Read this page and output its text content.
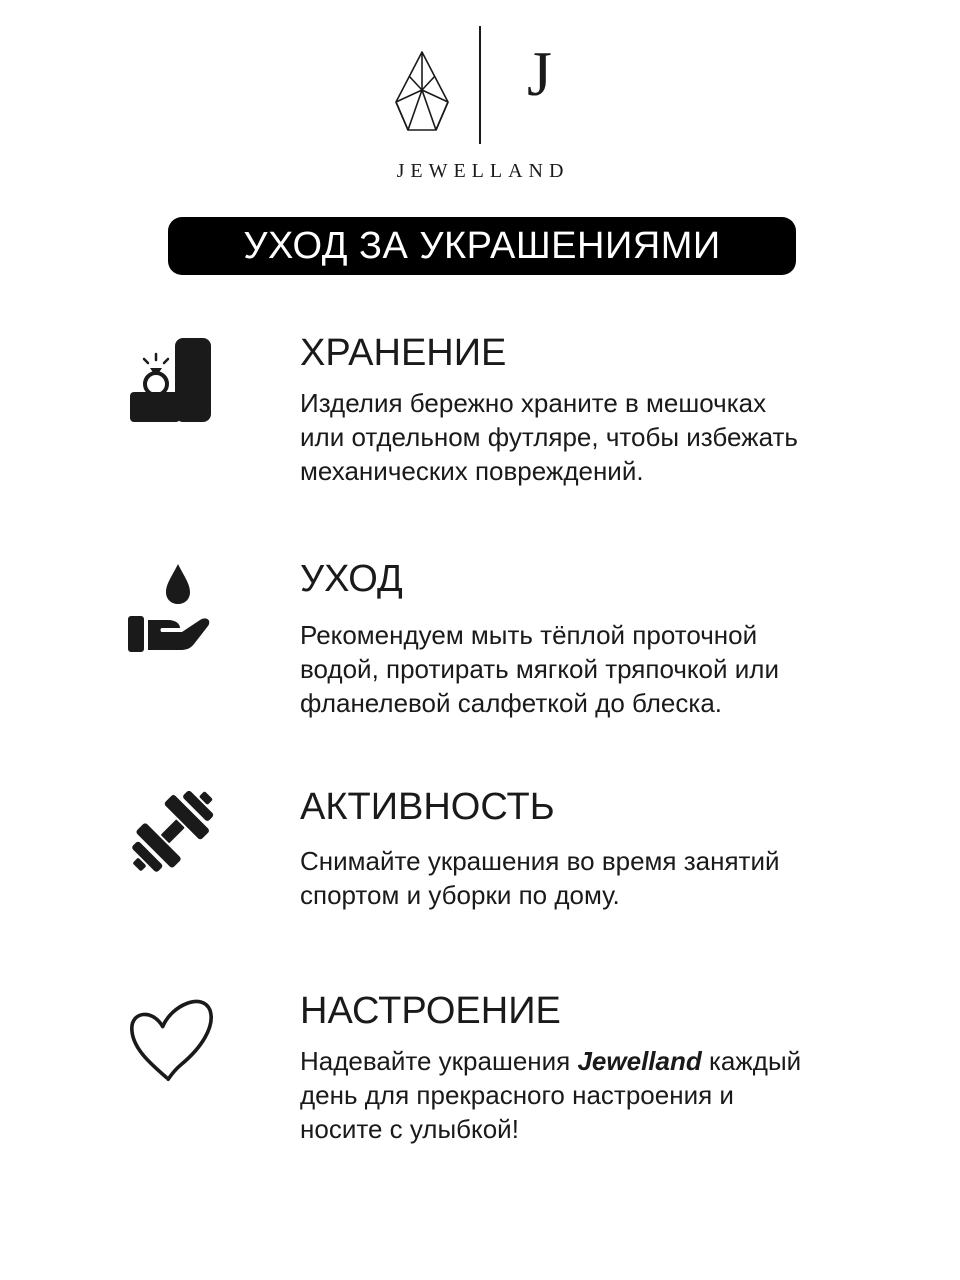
J
JEWELLAND
УХОД ЗА УКРАШЕНИЯМИ
ХРАНЕНИЕ
Изделия бережно храните в мешочках
или отдельном футляре, чтобы избежать
механических повреждений.
УХОД
Рекомендуем мыть тёплой проточной
водой, протирать мягкой тряпочкой или
фланелевой салфеткой до блеска.
АКТИВНОСТЬ
Снимайте украшения во время занятий
спортом и уборки по дому.
НАСТРОЕНИЕ
Надевайте украшения Jewelland каждый
день для прекрасного настроения и
носите с улыбкой!
